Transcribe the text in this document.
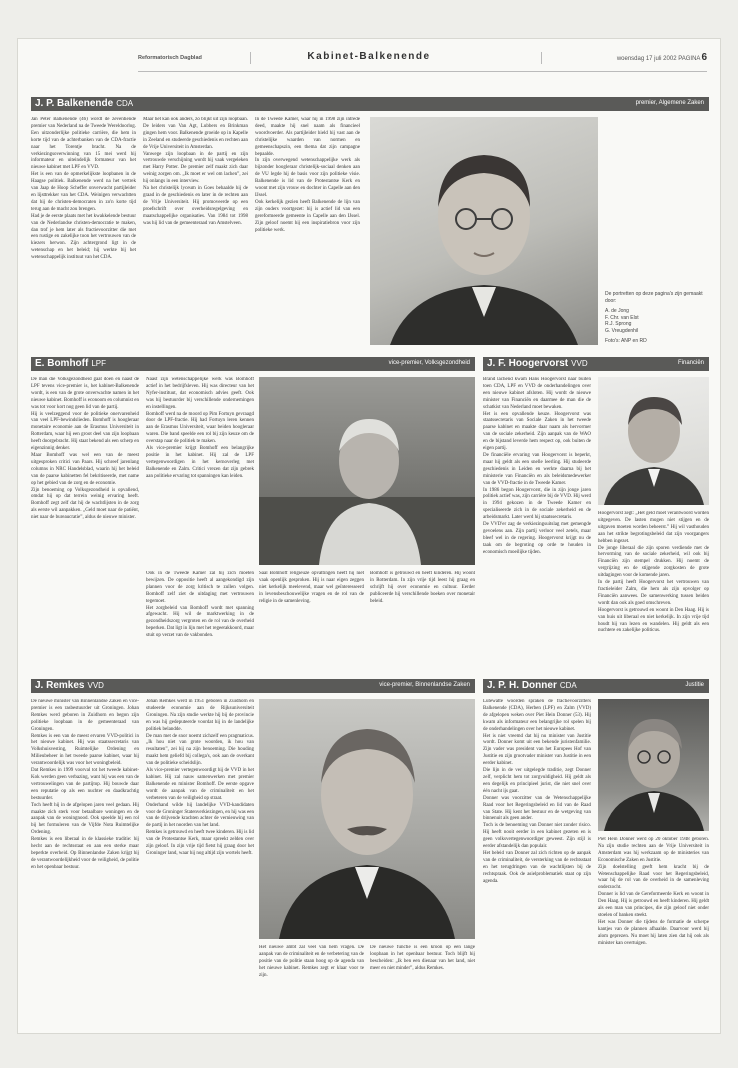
Reformatorisch Dagblad	Kabinet-Balkenende	woensdag 17 juli 2002 PAGINA6
J. P. Balkenende CDA	premier, Algemene Zaken

Jan Peter Balkenende (46) wordt de zeventiende premier van Nederland na de Tweede Wereldoorlog. Een uitzonderlijke politieke carrière, die hem in korte tijd van de achterbanken van de CDA-fractie naar het Torentje bracht. Na de verkiezingsoverwinning van 15 mei werd hij informateur en uiteindelijk formateur van het nieuwe kabinet met LPF en VVD.

Het is een van de opmerkelijkste loopbanen in de Haagse politiek. Balkenende werd na het vertrek van Jaap de Hoop Scheffer onverwacht partijleider en lijsttrekker van het CDA. Weinigen verwachtten dat hij de christen-democraten in zo'n korte tijd terug aan de macht zou brengen.

Had je de eerste plaats met het kwakkelende bestuur van de Nederlandse christen-democratie te maken, dan trof je hem later als fractievoorzitter die met een rustige en zakelijke toon het vertrouwen van de kiezers herwon. Zijn achtergrond ligt in de wetenschap en het beleid; hij werkte bij het wetenschappelijk instituut van het CDA.

Maar het kan ook anders, zo blijkt uit zijn loopbaan. De leiders van Van Agt, Lubbers en Brinkman gingen hem voor. Balkenende groeide op in Kapelle in Zeeland en studeerde geschiedenis en rechten aan de Vrije Universiteit in Amsterdan.

Vanwege zijn loopbaan in de partij en zijn vertrouwde verschijning wordt hij vaak vergeleken met Harry Potter. De premier zelf maakt zich daar weinig zorgen om. „Ik moet er wel om lachen”, zei hij onlangs in een interview.

Na het christelijk lyceum in Goes behaalde hij de graad in de geschiedenis en later in de rechten aan de Vrije Universiteit. Hij promoveerde op een proefschrift over overheidsregelgeving en maatschappelijke organisaties. Van 1984 tot 1998 was hij lid van de gemeenteraad van Amstelveen.

In de Tweede Kamer, waar hij in 1998 zijn intrede deed, maakte hij snel naam als financieel woordvoerder. Als partijleider hield hij vast aan de christelijke waarden van normen en gemeenschapszin, een thema dat zijn campagne bepaalde.

In zijn overwegend wetenschappelijke werk als bijzonder hoogleraar christelijk-sociaal denken aan de VU legde hij de basis voor zijn politieke visie. Balkenende is lid van de Protestantse Kerk en woont met zijn vrouw en dochter in Capelle aan den IJssel.

Ook kerkelijk gezien heeft Balkenende de lijn van zijn ouders voortgezet: hij is actief lid van een gereformeerde gemeente in Capelle aan den IJssel. Zijn geloof noemt hij een inspiratiebron voor zijn politieke werk.

De portretten op deze pagina's zijn gemaakt door:
A. de Jong
F. Chr. van Elst
R.J. Sprong
G. Vreugdenhil
Foto's: ANP en RD
E. Bomhoff LPF	vice-premier, Volksgezondheid

De man die Volksgezondheid gaat doen en naast de LPF tevens vice-premier is, het kabinet-Balkenende wordt, is een van de grote onverwachte namen in het nieuwe kabinet. Bomhoff is econoom en columnist en was tot voor kort nog geen lid van de partij.

Hij is veelzeggend voor de politieke onervarenheid van veel LPF-bewindslieden. Bomhoff is hoogleraar monetaire economie aan de Erasmus Universiteit in Rotterdam, waar hij een groot deel van zijn loopbaan heeft doorgebracht. Hij staat bekend als een scherp en eigenzinnig denker.

Maar Bomhoff was wel een van de meest uitgesproken critici van Paars. Hij schreef jarenlang columns in NRC Handelsblad, waarin hij het beleid van de paarse kabinetten fel bekritiseerde, met name op het gebied van de zorg en de economie.

Zijn benoeming op Volksgezondheid is opvallend, omdat hij op dat terrein weinig ervaring heeft. Bomhoff zegt zelf dat hij de wachtlijsten in de zorg als eerste wil aanpakken. „Geld moet naar de patiënt, niet naar de bureaucratie”, aldus de nieuwe minister.

Naast zijn wetenschappelijke werk was Bomhoff actief in het bedrijfsleven. Hij was directeur van het Nyfer-instituut, dat economisch advies geeft. Ook was hij bestuurder bij verschillende ondernemingen en instellingen.

Bomhoff werd na de moord op Pim Fortuyn gevraagd door de LPF-fractie. Hij had Fortuyn leren kennen aan de Erasmus Universiteit, waar beiden hoogleraar waren. Die band speelde een rol bij zijn keuze om de overstap naar de politiek te maken.

Als vice-premier krijgt Bomhoff een belangrijke positie in het kabinet. Hij zal de LPF vertegenwoordigen in het kernoverleg met Balkenende en Zalm. Critici vrezen dat zijn gebrek aan politieke ervaring tot spanningen kan leiden.

Ook in de Tweede Kamer zal hij zich moeten bewijzen. De oppositie heeft al aangekondigd zijn plannen voor de zorg kritisch te zullen volgen. Bomhoff zelf ziet de uitdaging met vertrouwen tegemoet.

Het zorgbeleid van Bomhoff wordt met spanning afgewacht. Hij wil de marktwerking in de gezondheidszorg vergroten en de rol van de overheid beperken. Dat ligt in lijn met het regeerakkoord, maar stuit op verzet van de vakbonden.

Saal Bomhoff religieuzë opvattingen heeft hij niet vaak openlijk gesproken. Hij is naar eigen zeggen niet kerkelijk meelevend, maar wel geïnteresseerd in levensbeschouwelijke vragen en de rol van de religie in de samenleving.

Bomhoff is getrouwd en heeft kinderen. Hij woont in Rotterdam. In zijn vrije tijd leest hij graag en schrijft hij over economie en cultuur. Eerder publiceerde hij verschillende boeken over monetair beleid.

J. F. Hoogervorst VVD	Financiën

Brand lachend kwam Hans Hoogervorst naar buiten toen CDA, LPF en VVD de onderhandelingen over een nieuwe kabinet afsloten. Hij wordt de nieuwe minister van Financiën en daarmee de man die de schatkist van Nederland moet bewaken.

Het is een opvallende keuze. Hoogervorst was staatssecretaris van Sociale Zaken in het tweede paarse kabinet en maakte daar naam als hervormer van de sociale zekerheid. Zijn aanpak van de WAO en de bijstand leverde hem respect op, ook buiten de eigen partij.

De financiële ervaring van Hoogervorst is beperkt, maar hij geldt als een snelle leerling. Hij studeerde geschiedenis in Leiden en werkte daarna bij het ministerie van Financiën en als beleidsmedewerker van de VVD-fractie in de Tweede Kamer.

In 1986 begon Hoogervorst, die in zijn jonge jaren politiek actief was, zijn carrière bij de VVD. Hij werd in 1994 gekozen in de Tweede Kamer en specialiseerde zich in de sociale zekerheid en de arbeidsmarkt. Later werd hij staatssecretaris.

De VVD'er zag de verkiezingsuitslag met gemengde gevoelens aan. Zijn partij verloor veel zetels, maar bleef wel in de regering. Hoogervorst krijgt nu de taak om de begroting op orde te houden in economisch moeilijke tijden.

Hoogervorst zegt: „Het geld moet verantwoord worden uitgegeven. De lasten mogen niet stijgen en de uitgaven moeten worden beheerst.” Hij wil vasthouden aan het strikte begrotingsbeleid dat zijn voorgangers hebben ingezet.

De jonge liberaal die zijn sporen verdiende met de hervorming van de sociale zekerheid, wil ook bij Financiën zijn stempel drukken. Hij noemt de vergrijzing en de stijgende zorgkosten de grote uitdagingen voor de komende jaren.

In de partij heeft Hoogervorst het vertrouwen van fractieleider Zalm, die hem als zijn opvolger op Financiën aanwees. De samenwerking tussen beiden wordt dan ook als goed omschreven.

Hoogervorst is getrouwd en woont in Den Haag. Hij is van huis uit liberaal en niet kerkelijk. In zijn vrije tijd houdt hij van lezen en wandelen. Hij geldt als een nuchtere en zakelijke politicus.

J. Remkes VVD	vice-premier, Binnenlandse Zaken

De nieuwe minister van Binnenlandse Zaken en vice-premier is een rasbestuurder uit Groningen. Johan Remkes werd geboren in Zuidhorn en begon zijn politieke loopbaan in de gemeenteraad van Groningen.

Remkes is een van de meest ervaren VVD-politici in het nieuwe kabinet. Hij was staatssecretaris van Volkshuisvesting, Ruimtelijke Ordening en Milieubeheer in het tweede paarse kabinet, waar hij verantwoordelijk was voor het woningbeleid.

Dat Remkes in 1999 voorval tot het tweede kabinet-Kok werden geen verbazing, want hij was een van de vertrouwelingen van de partijtop. Hij bouwde daar een reputatie op als een nuchter en daadkrachtig bestuurder.

Toch heeft hij in de afgelopen jaren veel gedaan. Hij maakte zich sterk voor betaalbare woningen en de aanpak van de woningnood. Ook speelde hij een rol bij het formuleren van de Vijfde Nota Ruimtelijke Ordening.

Remkes is een liberaal in de klassieke traditie: hij hecht aan de rechtsstaat en aan een sterke maar beperkte overheid. Op Binnenlandse Zaken krijgt hij de verantwoordelijkheid voor de veiligheid, de politie en het openbaar bestuur.

Johan Remkes werd in 1951 geboren in Zuidhorn en studeerde economie aan de Rijksuniversiteit Groningen. Na zijn studie werkte hij bij de provincie en was hij gedeputeerde voordat hij in de landelijke politiek belandde.

De man met de snor noemt zichzelf een pragmaticus. „Ik hou niet van grote woorden, ik hou van resultaten”, zei hij na zijn benoeming. Die houding maakt hem geliefd bij collega's, ook aan de overkant van de politieke scheidslijn.

Als vice-premier vertegenwoordigt hij de VVD in het kabinet. Hij zal nauw samenwerken met premier Balkenende en minister Bomhoff. De eerste opgave wordt de aanpak van de criminaliteit en het verbeteren van de veiligheid op straat.

Onderhand wilde hij landelijke VVD-kandidaten voor de Groninger Statenverkiezingen, en hij was een van de drijvende krachten achter de vernieuwing van de partij in het noorden van het land.

Remkes is getrouwd en heeft twee kinderen. Hij is lid van de Protestantse Kerk, maar spreekt zelden over zijn geloof. In zijn vrije tijd fietst hij graag door het Groninger land, waar hij nog altijd zijn wortels heeft.

Het nieuwe ambt zal veel van hem vragen. De aanpak van de criminaliteit en de verbetering van de positie van de politie staan hoog op de agenda van het nieuwe kabinet. Remkes zegt er klaar voor te zijn.

De nieuwe functie is een kroon op een lange loopbaan in het openbaar bestuur. Toch blijft hij bescheiden: „Ik ben een dienaar van het land, niet meer en niet minder”, aldus Remkes.

J. P. H. Donner CDA	Justitie

Lutewatte woorden spraken de fractievoorzitters Balkenende (CDA), Herben (LPF) en Zalm (VVD) de afgelopen weken over Piet Hein Donner (53). Hij kwam als informateur een belangrijke rol spelen bij de onderhandelingen over het nieuwe kabinet.

Het is niet vreemd dat hij nu minister van Justitie wordt. Donner komt uit een bekende juristenfamilie. Zijn vader was president van het Europees Hof van Justitie en zijn grootvader minister van Justitie in een eerder kabinet.

Die lijn in de ver uitgelegde traditie, zegt Donner zelf, verplicht hem tot zorgvuldigheid. Hij geldt als een degelijk en principieel jurist, die niet snel over één nacht ijs gaat.

Donner was voorzitter van de Wetenschappelijke Raad voor het Regeringsbeleid en lid van de Raad van State. Hij kent het bestuur en de wetgeving van binnenuit als geen ander.

Toch is de benoeming van Donner niet zonder risico. Hij heeft nooit eerder in een kabinet gezeten en is geen volksvertegenwoordiger geweest. Zijn stijl is eerder afstandelijk dan populair.

Het beleid van Donner zal zich richten op de aanpak van de criminaliteit, de versterking van de rechtsstaat en het terugdringen van de wachtlijsten bij de rechtspraak. Ook de asielproblematiek staat op zijn agenda.

Piet Hein Donner werd op 20 oktober 1948 geboren. Na zijn studie rechten aan de Vrije Universiteit in Amsterdam was hij werkzaam op de ministeries van Economische Zaken en Justitie.

Zijn doelstelling geeft hem kracht bij de Wetenschappelijke Raad voor het Regeringsbeleid, waar hij de rol van de overheid in de samenleving onderzocht.

Donner is lid van de Gereformeerde Kerk en woont in Den Haag. Hij is getrouwd en heeft kinderen. Hij geldt als een man van principes, die zijn geloof niet onder stoelen of banken steekt.

Het was Donner die tijdens de formatie de scherpe kantjes van de plannen afhaalde. Daarvoor werd hij alom geprezen. Nu moet hij laten zien dat hij ook als minister kan overtuigen.
